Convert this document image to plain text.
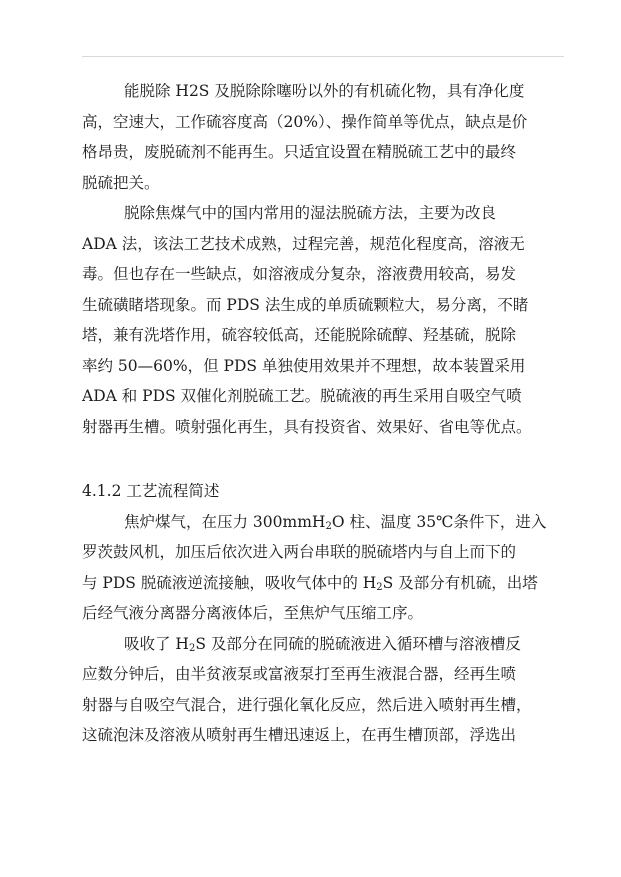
能脱除 H2S 及脱除除噻吩以外的有机硫化物，具有净化度
高，空速大，工作硫容度高（20%）、操作简单等优点，缺点是价
格昂贵，废脱硫剂不能再生。只适宜设置在精脱硫工艺中的最终
脱硫把关。
脱除焦煤气中的国内常用的湿法脱硫方法，主要为改良
ADA 法，该法工艺技术成熟，过程完善，规范化程度高，溶液无
毒。但也存在一些缺点，如溶液成分复杂，溶液费用较高，易发
生硫磺睹塔现象。而 PDS 法生成的单质硫颗粒大，易分离，不睹
塔，兼有洗塔作用，硫容较低高，还能脱除硫醇、羟基硫，脱除
率约 50—60%，但 PDS 单独使用效果并不理想，故本装置采用
ADA 和 PDS 双催化剂脱硫工艺。脱硫液的再生采用自吸空气喷
射器再生槽。喷射强化再生，具有投资省、效果好、省电等优点。
4.1.2 工艺流程简述
焦炉煤气，在压力 300mmH$_2$O 柱、温度 35℃条件下，进入
罗茨鼓风机，加压后依次进入两台串联的脱硫塔内与自上而下的
与 PDS 脱硫液逆流接触，吸收气体中的 $H_2S$ 及部分有机硫，出塔
后经气液分离器分离液体后，至焦炉气压缩工序。
吸收了 $H_2S$ 及部分在同硫的脱硫液进入循环槽与溶液槽反
应数分钟后，由半贫液泵或富液泵打至再生液混合器，经再生喷
射器与自吸空气混合，进行强化氧化反应，然后进入喷射再生槽，
这硫泡沫及溶液从喷射再生槽迅速返上，在再生槽顶部，浮选出
